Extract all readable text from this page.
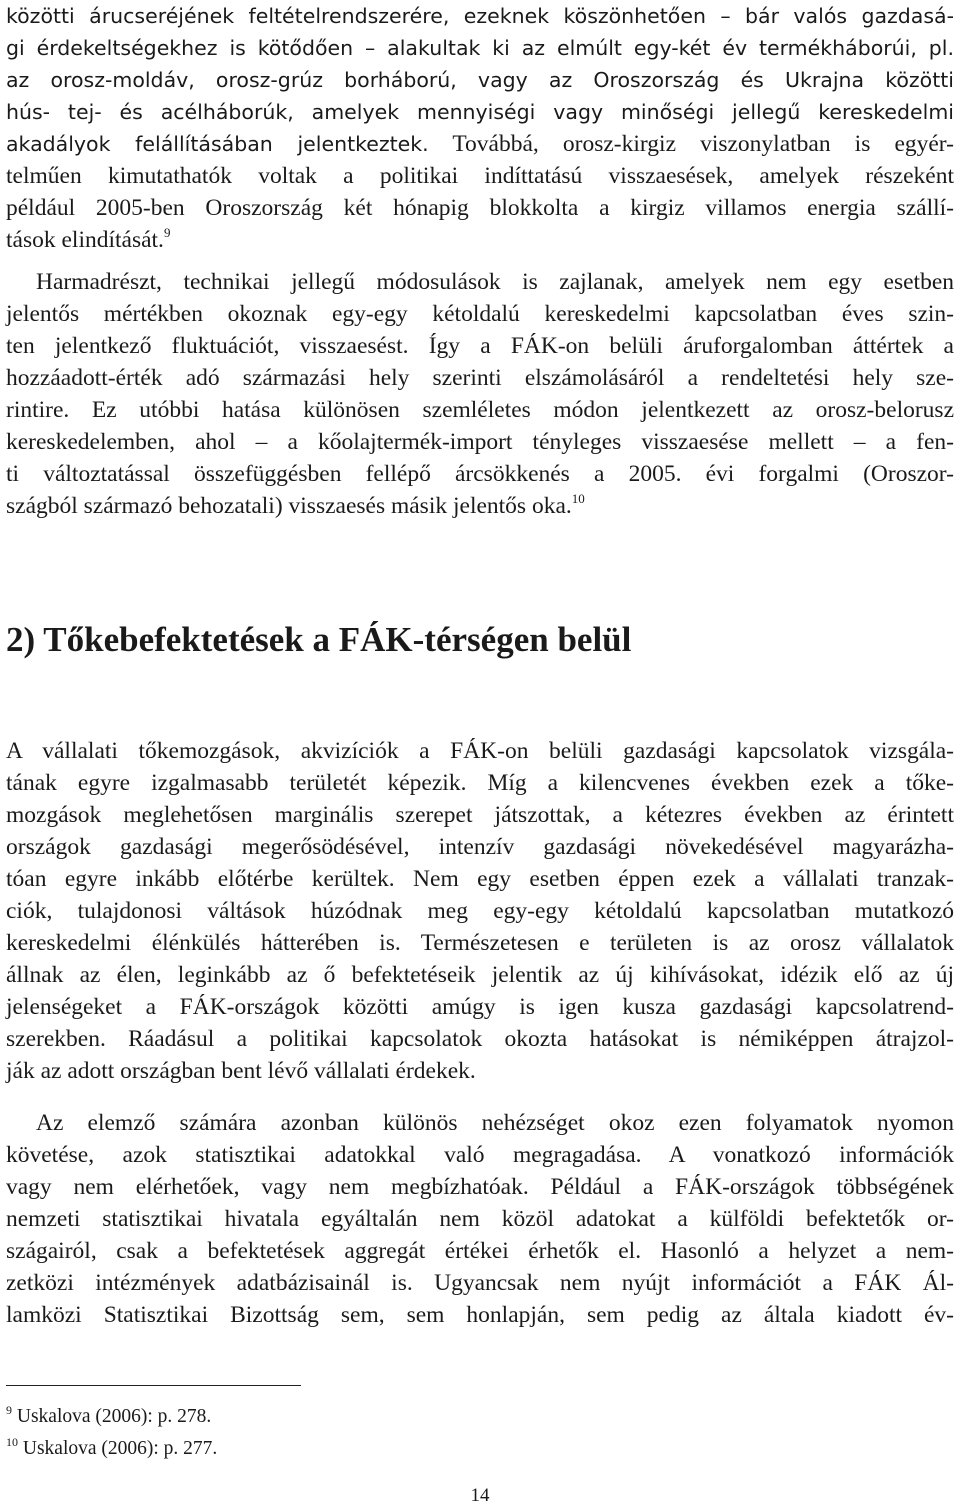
közötti árucseréjének feltételrendszerére, ezeknek köszönhetően – bár valós gazdasá-
gi érdekeltségekhez is kötődően – alakultak ki az elmúlt egy-két év termékháborúi, pl.
az orosz-moldáv, orosz-grúz borháború, vagy az Oroszország és Ukrajna közötti
hús- tej- és acélháborúk, amelyek mennyiségi vagy minőségi jellegű kereskedelmi
akadályok felállításában jelentkeztek. Továbbá, orosz-kirgiz viszonylatban is egyér-
telműen kimutathatók voltak a politikai indíttatású visszaesések, amelyek részeként
például 2005-ben Oroszország két hónapig blokkolta a kirgiz villamos energia szállí-
tások elindítását.$^9$
Harmadrészt, technikai jellegű módosulások is zajlanak, amelyek nem egy esetben
jelentős mértékben okoznak egy-egy kétoldalú kereskedelmi kapcsolatban éves szin-
ten jelentkező fluktuációt, visszaesést. Így a FÁK-on belüli áruforgalomban áttértek a
hozzáadott-érték adó származási hely szerinti elszámolásáról a rendeltetési hely sze-
rintire. Ez utóbbi hatása különösen szemléletes módon jelentkezett az orosz-belorusz
kereskedelemben, ahol – a kőolajtermék-import tényleges visszaesése mellett – a fen-
ti változtatással összefüggésben fellépő árcsökkenés a 2005. évi forgalmi (Oroszor-
szágból származó behozatali) visszaesés másik jelentős oka.$^{10}$
2) Tőkebefektetések a FÁK-térségen belül
A vállalati tőkemozgások, akvizíciók a FÁK-on belüli gazdasági kapcsolatok vizsgála-
tának egyre izgalmasabb területét képezik. Míg a kilencvenes években ezek a tőke-
mozgások meglehetősen marginális szerepet játszottak, a kétezres években az érintett
országok gazdasági megerősödésével, intenzív gazdasági növekedésével magyarázha-
tóan egyre inkább előtérbe kerültek. Nem egy esetben éppen ezek a vállalati tranzak-
ciók, tulajdonosi váltások húzódnak meg egy-egy kétoldalú kapcsolatban mutatkozó
kereskedelmi élénkülés hátterében is. Természetesen e területen is az orosz vállalatok
állnak az élen, leginkább az ő befektetéseik jelentik az új kihívásokat, idézik elő az új
jelenségeket a FÁK-országok közötti amúgy is igen kusza gazdasági kapcsolatrend-
szerekben. Ráadásul a politikai kapcsolatok okozta hatásokat is némiképpen átrajzol-
ják az adott országban bent lévő vállalati érdekek.
Az elemző számára azonban különös nehézséget okoz ezen folyamatok nyomon
követése, azok statisztikai adatokkal való megragadása. A vonatkozó információk
vagy nem elérhetőek, vagy nem megbízhatóak. Például a FÁK-országok többségének
nemzeti statisztikai hivatala egyáltalán nem közöl adatokat a külföldi befektetők or-
szágairól, csak a befektetések aggregát értékei érhetők el. Hasonló a helyzet a nem-
zetközi intézmények adatbázisainál is. Ugyancsak nem nyújt információt a FÁK Ál-
lamközi Statisztikai Bizottság sem, sem honlapján, sem pedig az általa kiadott év-
$^9$ Uskalova (2006): p. 278.
$^{10}$ Uskalova (2006): p. 277.
14
